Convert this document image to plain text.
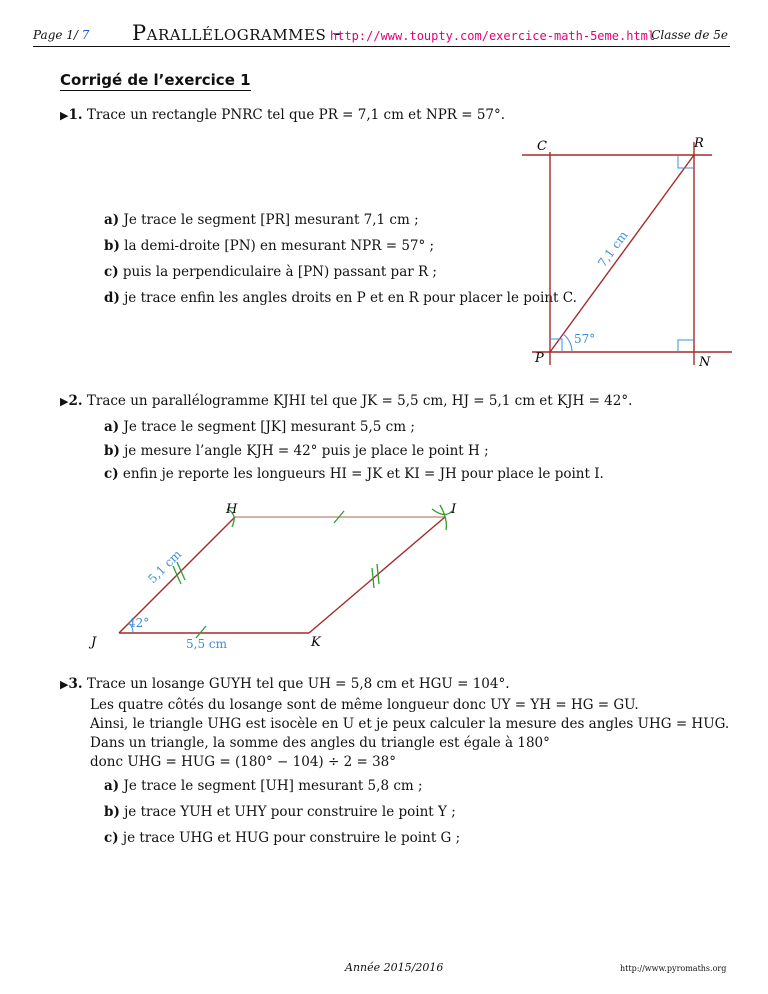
Page 1/ 7 Parallélogrammes -
http://www.toupty.com/exercice-math-5eme.html
Classe de 5e
Corrigé de l’exercice 1
▶1. Trace un rectangle PNRC tel que PR = 7,1 cm et NPR = 57°.
a) Je trace le segment [PR] mesurant 7,1 cm ;
b) la demi-droite [PN) en mesurant NPR = 57° ;
c) puis la perpendiculaire à [PN) passant par R ;
d) je trace enfin les angles droits en P et en R pour placer le point C.
▶2. Trace un parallélogramme KJHI tel que JK = 5,5 cm, HJ = 5,1 cm et KJH = 42°.
a) Je trace le segment [JK] mesurant 5,5 cm ;
b) je mesure l’angle KJH = 42° puis je place le point H ;
c) enfin je reporte les longueurs HI = JK et KI = JH pour place le point I.
▶3. Trace un losange GUYH tel que UH = 5,8 cm et HGU = 104°.
Les quatre côtés du losange sont de même longueur donc UY = YH = HG = GU.
Ainsi, le triangle UHG est isocèle en U et je peux calculer la mesure des angles UHG = HUG.
Dans un triangle, la somme des angles du triangle est égale à 180°
donc UHG = HUG = (180° − 104) ÷ 2 = 38°
a) Je trace le segment [UH] mesurant 5,8 cm ;
b) je trace YUH et UHY pour construire le point Y ;
c) je trace UHG et HUG pour construire le point G ;
C	R
P	N
57°
7,1 cm
H	I
J	K
42°
5,5 cm
5,1 cm
Année 2015/2016	http://www.pyromaths.org
